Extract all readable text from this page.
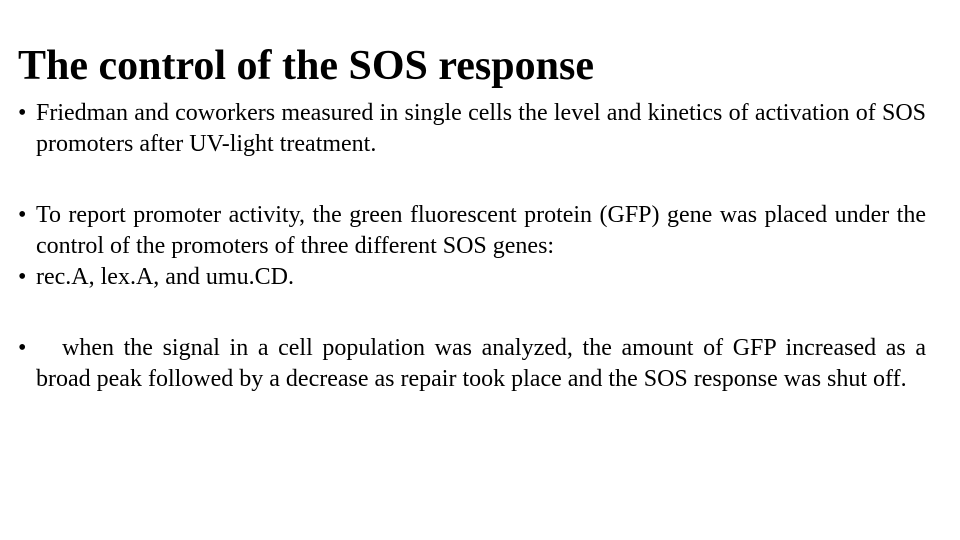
The control of the SOS response
• Friedman and coworkers measured in single cells the level and kinetics of activation of SOS promoters after UV-light treatment.
• To report promoter activity, the green fluorescent protein (GFP) gene was placed under the control of the promoters of three different SOS genes:
• rec.A, lex.A, and umu.CD.
•	when the signal in a cell population was analyzed, the amount of GFP increased as a broad peak followed by a decrease as repair took place and the SOS response was shut off.
